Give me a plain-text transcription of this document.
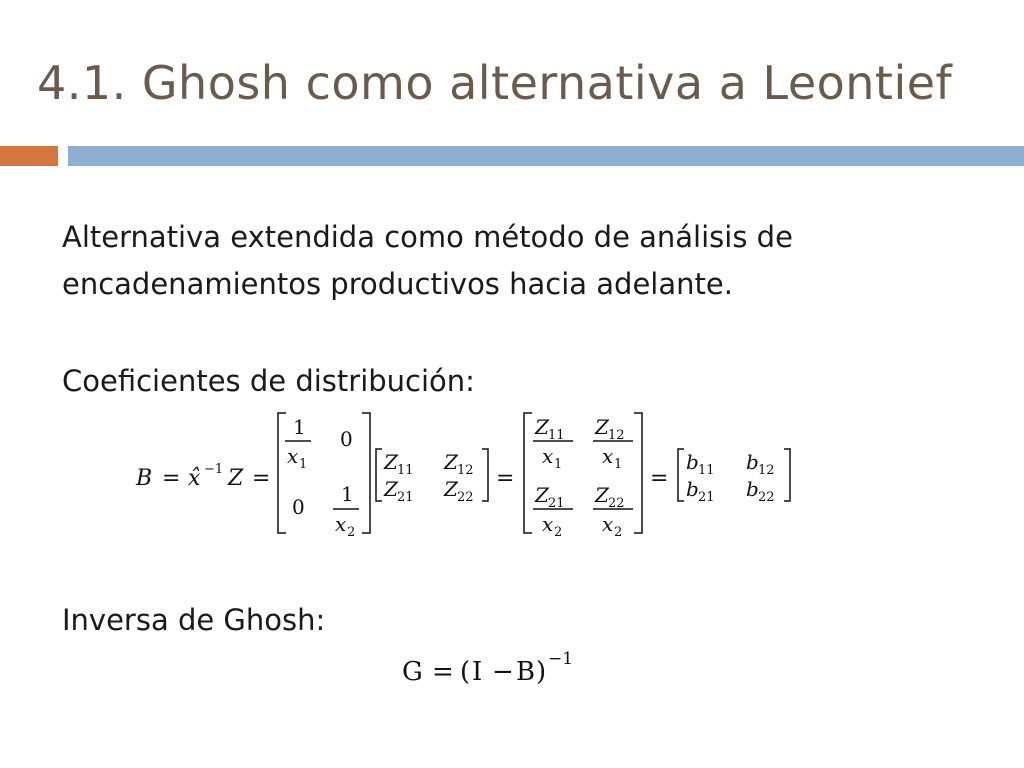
4.1. Ghosh como alternativa a Leontief
Alternativa extendida como método de análisis de
encadenamientos productivos hacia adelante.
Coeficientes de distribución:
B = x̂ −1 Z =
1
x 1
0
0
1
x 2
Z 11 Z 12
Z 21 Z 22
=
Z 11
x 1
Z 12
x 1
Z 21
x 2
Z 22
x 2
=
b 11 b 12
b 21 b 22
Inversa de Ghosh:
G = ( I − B ) −1
